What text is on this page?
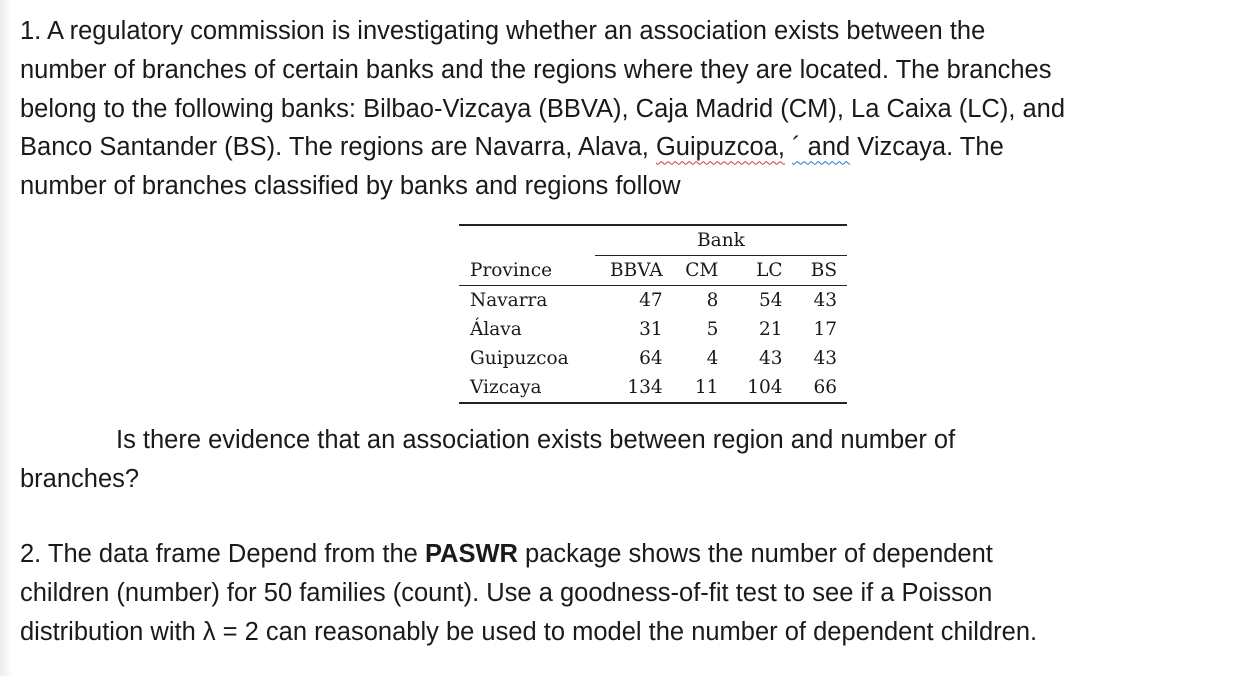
1. A regulatory commission is investigating whether an association exists between the
number of branches of certain banks and the regions where they are located. The branches
belong to the following banks: Bilbao-Vizcaya (BBVA), Caja Madrid (CM), La Caixa (LC), and
Banco Santander (BS). The regions are Navarra, Alava, Guipuzcoa, ´ and Vizcaya. The
number of branches classified by banks and regions follow
	Bank			
Province	BBVA	CM	LC	BS
Navarra	47	8	54	43
Álava	31	5	21	17
Guipuzcoa	64	4	43	43
Vizcaya	134	11	104	66
Is there evidence that an association exists between region and number of
branches?
2. The data frame Depend from the PASWR package shows the number of dependent
children (number) for 50 families (count). Use a goodness-of-fit test to see if a Poisson
distribution with λ = 2 can reasonably be used to model the number of dependent children.
